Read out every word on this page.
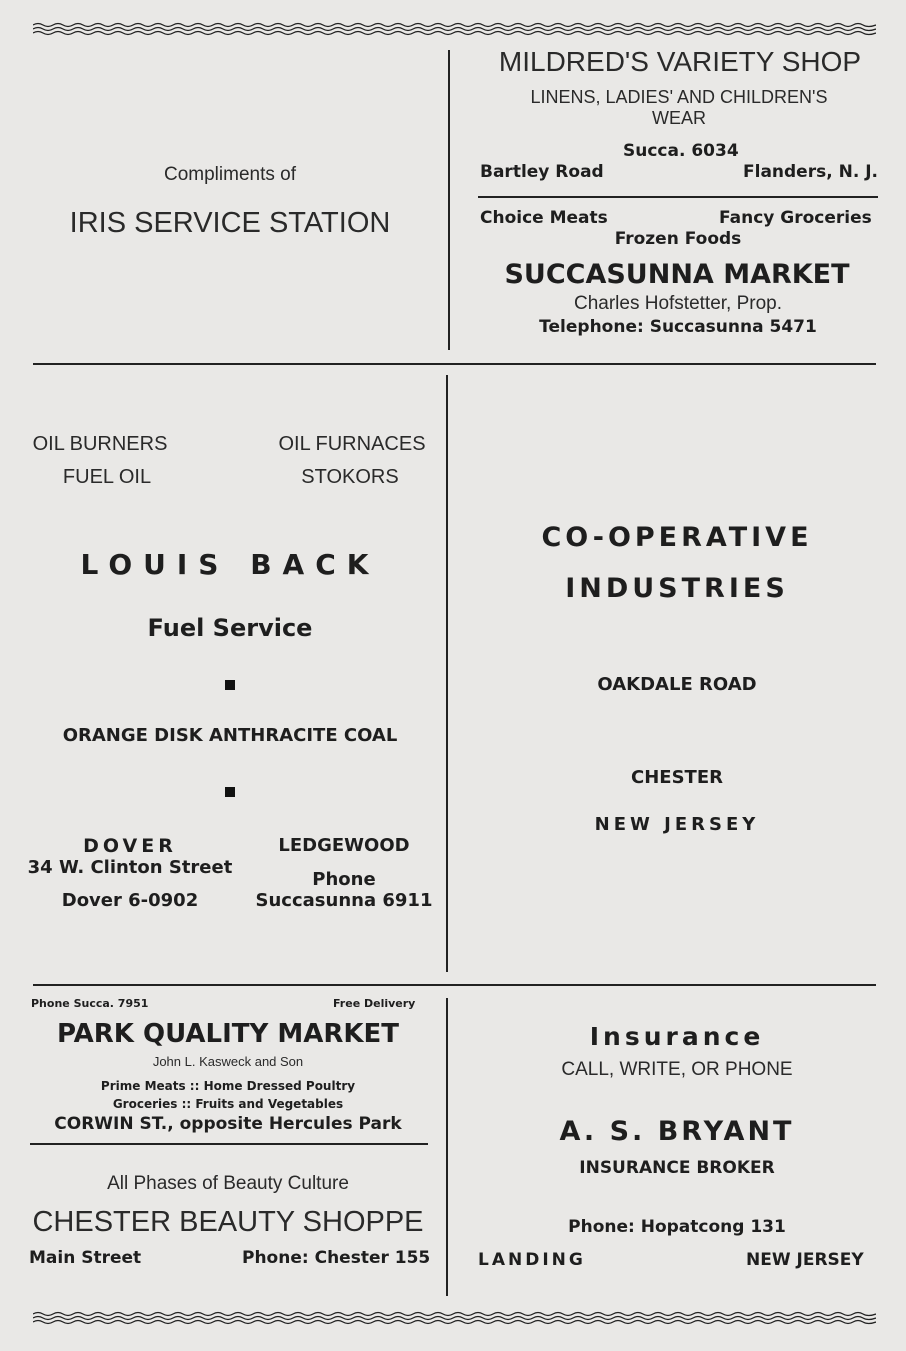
Compliments of
IRIS SERVICE STATION
MILDRED'S VARIETY SHOP
LINENS, LADIES' AND CHILDREN'S
WEAR
Succa. 6034
Bartley Road	Flanders, N. J.
Choice Meats	Fancy Groceries
Frozen Foods
SUCCASUNNA MARKET
Charles Hofstetter, Prop.
Telephone: Succasunna 5471
OIL BURNERS	OIL FURNACES
FUEL OIL	STOKORS
LOUIS BACK
Fuel Service
ORANGE DISK ANTHRACITE COAL
DOVER
34 W. Clinton Street
Dover 6-0902
LEDGEWOOD
Phone
Succasunna 6911
CO-OPERATIVE
INDUSTRIES
OAKDALE ROAD
CHESTER
NEW JERSEY
Phone Succa. 7951	Free Delivery
PARK QUALITY MARKET
John L. Kasweck and Son
Prime Meats :: Home Dressed Poultry
Groceries :: Fruits and Vegetables
CORWIN ST., opposite Hercules Park
All Phases of Beauty Culture
CHESTER BEAUTY SHOPPE
Main Street	Phone: Chester 155
Insurance
CALL, WRITE, OR PHONE
A. S. BRYANT
INSURANCE BROKER
Phone: Hopatcong 131
LANDING	NEW JERSEY
